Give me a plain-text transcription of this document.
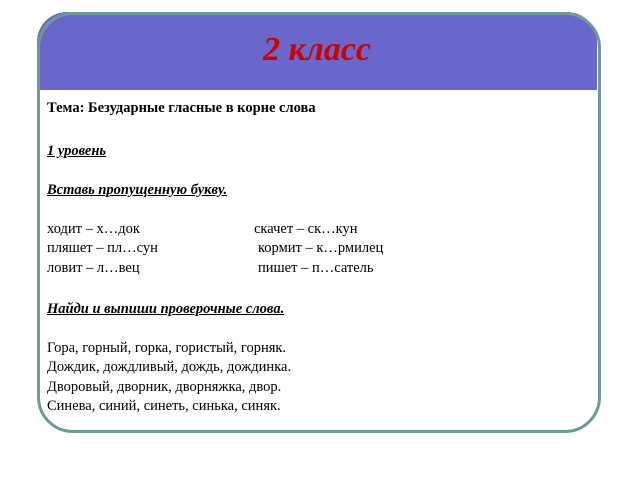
2 класс
Тема: Безударные гласные в корне слова
1 уровень
Вставь пропущенную букву.
ходит – х…док
пляшет – пл…сун
ловит – л…вец
скачет – ск…кун
кормит – к…рмилец
пишет – п…сатель
Найди и выпиши проверочные слова.
Гора, горный, горка, гористый, горняк.
Дождик, дождливый, дождь, дождинка.
Дворовый, дворник, дворняжка, двор.
Синева, синий, синеть, синька, синяк.
